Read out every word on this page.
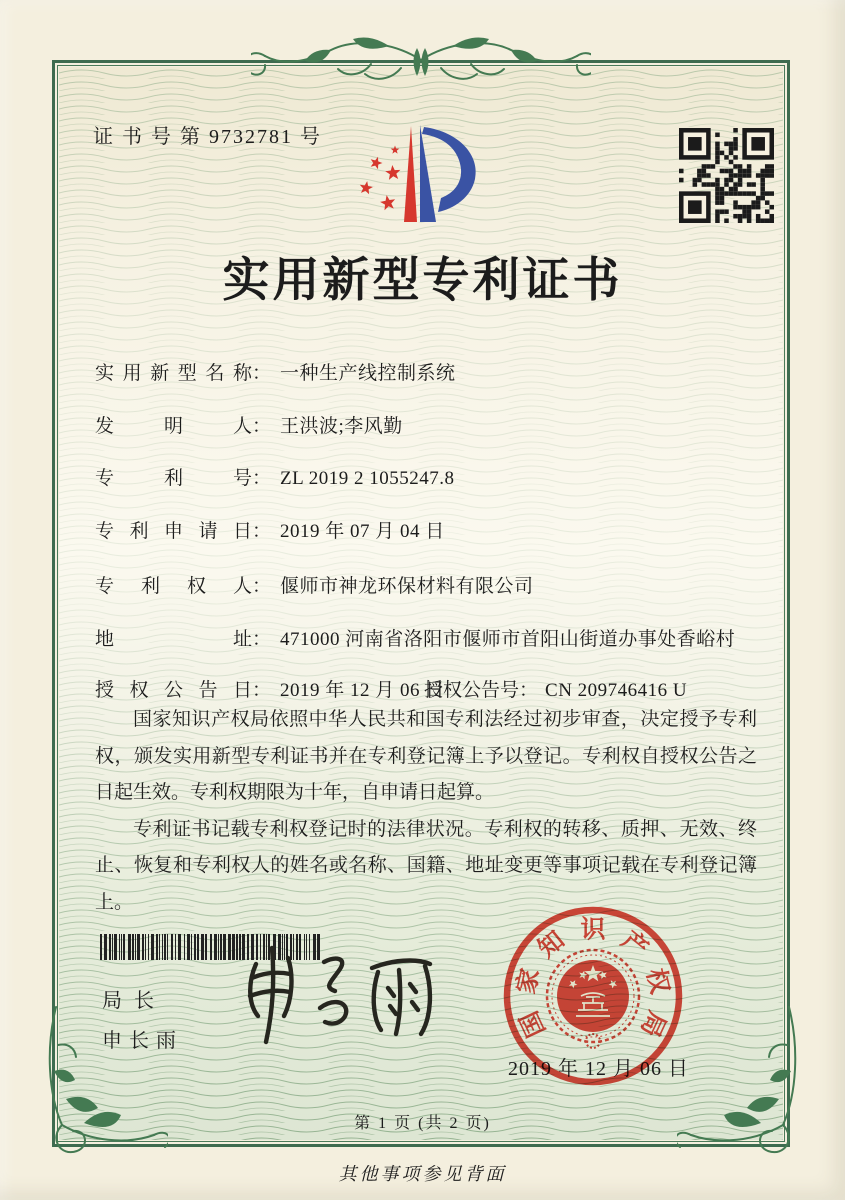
证 书 号 第 9732781 号
实用新型专利证书
实用新型名称： 一种生产线控制系统
发明人： 王洪波;李风勤
专利号： ZL 2019 2 1055247.8
专利申请日： 2019 年 07 月 04 日
专利权人： 偃师市神龙环保材料有限公司
地址： 471000 河南省洛阳市偃师市首阳山街道办事处香峪村
授权公告日： 2019 年 12 月 06 日
授权公告号： CN 209746416 U

国家知识产权局依照中华人民共和国专利法经过初步审查，决定授予专利权，颁发实用新型专利证书并在专利登记簿上予以登记。专利权自授权公告之日起生效。专利权期限为十年，自申请日起算。

专利证书记载专利权登记时的法律状况。专利权的转移、质押、无效、终止、恢复和专利权人的姓名或名称、国籍、地址变更等事项记载在专利登记簿上。

局长
申长雨
2019 年 12 月 06 日
国
家
知 识 产
权
局
第 1 页 (共 2 页)
其他事项参见背面
